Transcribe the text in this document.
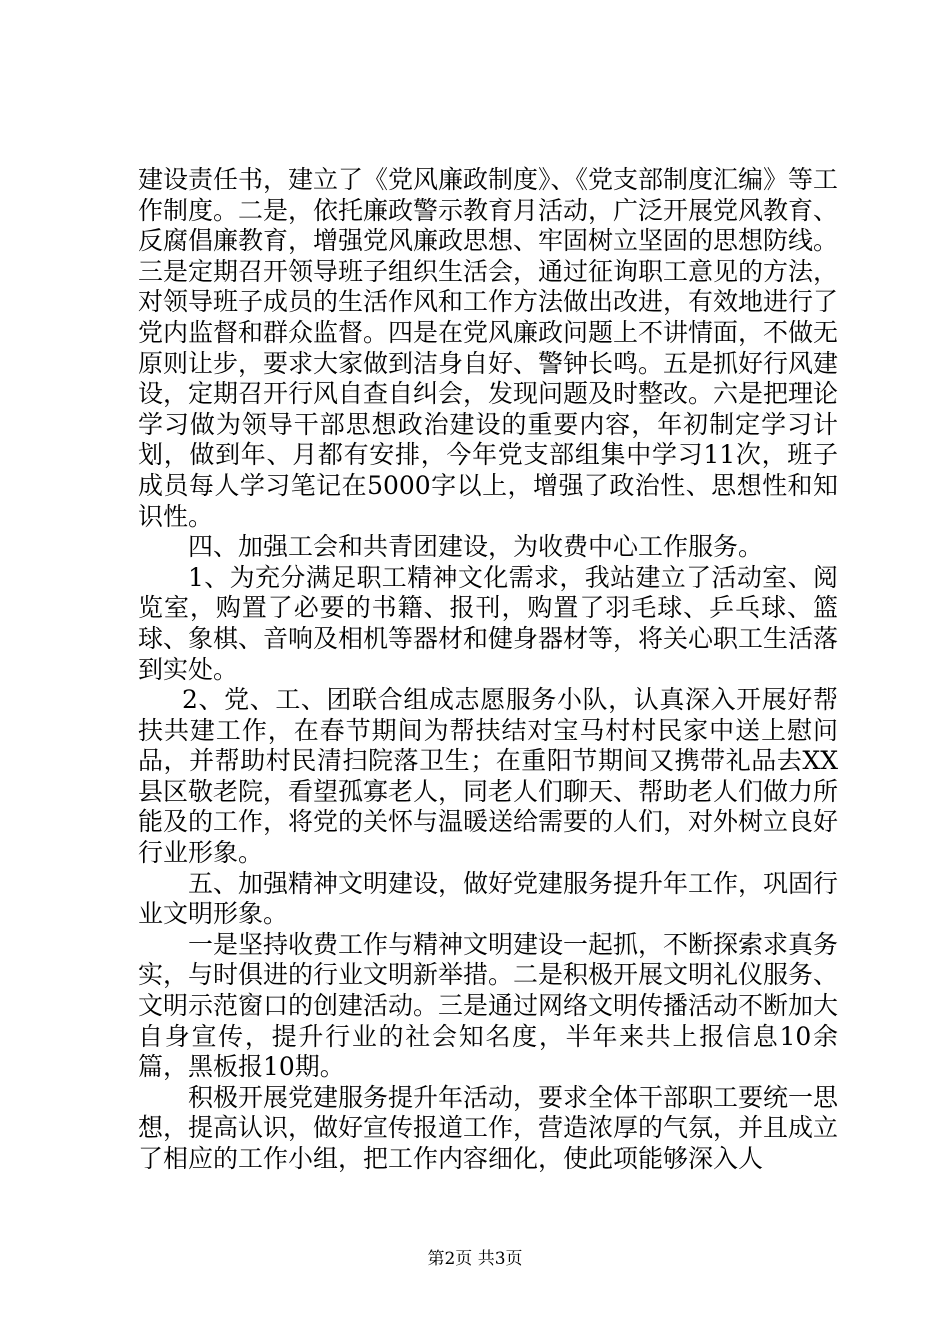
建设责任书，建立了《党风廉政制度》、《党支部制度汇编》等工作制度。二是，依托廉政警示教育月活动，广泛开展党风教育、反腐倡廉教育，增强党风廉政思想、牢固树立坚固的思想防线。三是定期召开领导班子组织生活会，通过征询职工意见的方法，对领导班子成员的生活作风和工作方法做出改进，有效地进行了党内监督和群众监督。四是在党风廉政问题上不讲情面，不做无原则让步，要求大家做到洁身自好、警钟长鸣。五是抓好行风建设，定期召开行风自查自纠会，发现问题及时整改。六是把理论学习做为领导干部思想政治建设的重要内容，年初制定学习计划，做到年、月都有安排，今年党支部组集中学习11次，班子成员每人学习笔记在5000字以上，增强了政治性、思想性和知识性。

四、加强工会和共青团建设，为收费中心工作服务。

1、为充分满足职工精神文化需求，我站建立了活动室、阅览室，购置了必要的书籍、报刊，购置了羽毛球、乒乓球、篮球、象棋、音响及相机等器材和健身器材等，将关心职工生活落到实处。

2、党、工、团联合组成志愿服务小队，认真深入开展好帮扶共建工作，在春节期间为帮扶结对宝马村村民家中送上慰问品，并帮助村民清扫院落卫生；在重阳节期间又携带礼品去XX县区敬老院，看望孤寡老人，同老人们聊天、帮助老人们做力所能及的工作，将党的关怀与温暖送给需要的人们，对外树立良好行业形象。

五、加强精神文明建设，做好党建服务提升年工作，巩固行业文明形象。

一是坚持收费工作与精神文明建设一起抓，不断探索求真务实，与时俱进的行业文明新举措。二是积极开展文明礼仪服务、文明示范窗口的创建活动。三是通过网络文明传播活动不断加大自身宣传，提升行业的社会知名度，半年来共上报信息10余篇，黑板报10期。

积极开展党建服务提升年活动，要求全体干部职工要统一思想，提高认识，做好宣传报道工作，营造浓厚的气氛，并且成立了相应的工作小组，把工作内容细化，使此项能够深入人

第2页 共3页
